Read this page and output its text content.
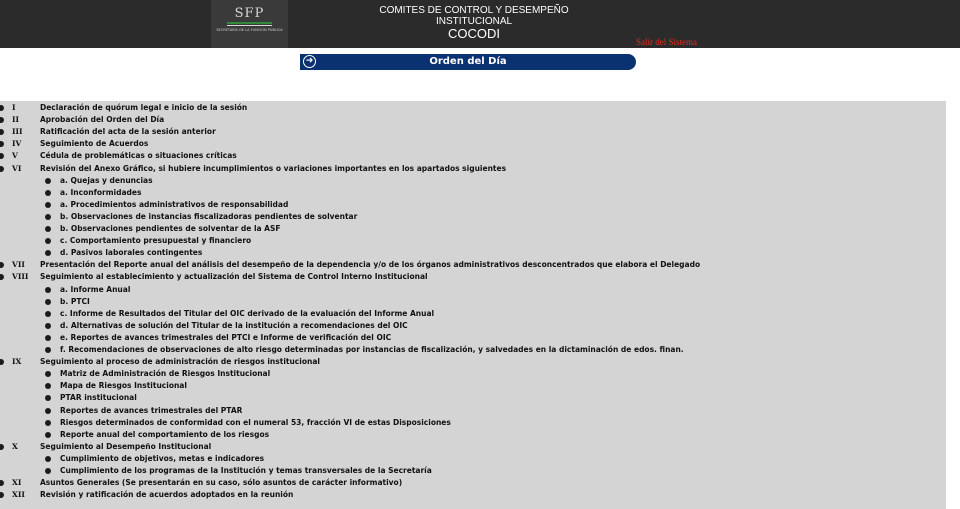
SFP
SECRETARÍA DE LA FUNCIÓN PÚBLICA
COMITES DE CONTROL Y DESEMPEÑO INSTITUCIONAL
COCODI
Salir del Sistema
➜	Orden del Día
I	Declaración de quórum legal e inicio de la sesión
II	Aprobación del Orden del Día
III Ratificación del acta de la sesión anterior
IV Seguimiento de Acuerdos
V	Cédula de problemáticas o situaciones críticas
VI Revisión del Anexo Gráfico, si hubiere incumplimientos o variaciones importantes en los apartados siguientes
a. Quejas y denuncias
a. Inconformidades
a. Procedimientos administrativos de responsabilidad
b. Observaciones de instancias fiscalizadoras pendientes de solventar
b. Observaciones pendientes de solventar de la ASF
c. Comportamiento presupuestal y financiero
d. Pasivos laborales contingentes
VII Presentación del Reporte anual del análisis del desempeño de la dependencia y/o de los órganos administrativos desconcentrados que elabora el Delegado
VIII Seguimiento al establecimiento y actualización del Sistema de Control Interno Institucional
a. Informe Anual
b. PTCI
c. Informe de Resultados del Titular del OIC derivado de la evaluación del Informe Anual
d. Alternativas de solución del Titular de la institución a recomendaciones del OIC
e. Reportes de avances trimestrales del PTCI e Informe de verificación del OIC
f. Recomendaciones de observaciones de alto riesgo determinadas por instancias de fiscalización, y salvedades en la dictaminación de edos. finan.
IX Seguimiento al proceso de administración de riesgos institucional
Matriz de Administración de Riesgos Institucional
Mapa de Riesgos Institucional
PTAR institucional
Reportes de avances trimestrales del PTAR
Riesgos determinados de conformidad con el numeral 53, fracción VI de estas Disposiciones
Reporte anual del comportamiento de los riesgos
X	Seguimiento al Desempeño Institucional
Cumplimiento de objetivos, metas e indicadores
Cumplimiento de los programas de la Institución y temas transversales de la Secretaría
XI Asuntos Generales (Se presentarán en su caso, sólo asuntos de carácter informativo)
XII Revisión y ratificación de acuerdos adoptados en la reunión
